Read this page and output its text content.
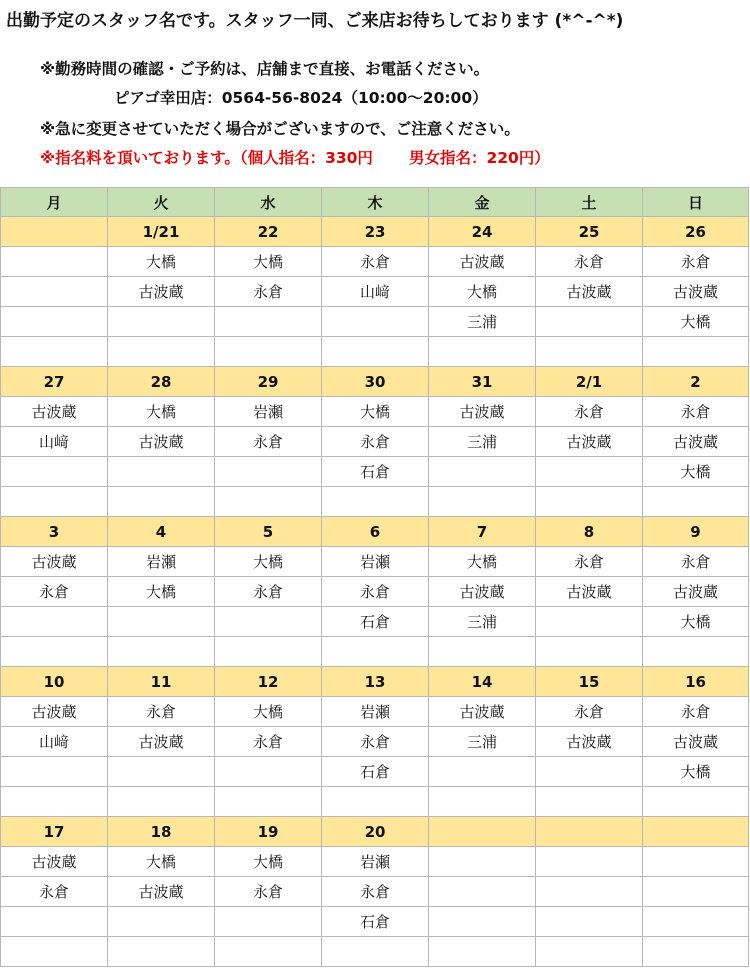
出勤予定のスタッフ名です。スタッフ一同、ご来店お待ちしております (*^-^*)
※勤務時間の確認・ご予約は、店舗まで直接、お電話ください。
ピアゴ幸田店：0564-56-8024（10:00〜20:00）
※急に変更させていただく場合がございますので、ご注意ください。
※指名料を頂いております。（個人指名：330円 男女指名：220円）
月	火	水	木	金	土	日
	1/21	22	23	24	25	26
	大橋	大橋	永倉	古波蔵	永倉	永倉
	古波蔵	永倉	山﨑	大橋	古波蔵	古波蔵
				三浦		大橋

27	28	29	30	31	2/1	2
古波蔵	大橋	岩瀬	大橋	古波蔵	永倉	永倉
山﨑	古波蔵	永倉	永倉	三浦	古波蔵	古波蔵
			石倉			大橋

3	4	5	6	7	8	9
古波蔵	岩瀬	大橋	岩瀬	大橋	永倉	永倉
永倉	大橋	永倉	永倉	古波蔵	古波蔵	古波蔵
			石倉	三浦		大橋

10	11	12	13	14	15	16
古波蔵	永倉	大橋	岩瀬	古波蔵	永倉	永倉
山﨑	古波蔵	永倉	永倉	三浦	古波蔵	古波蔵
			石倉			大橋

17	18	19	20			
古波蔵	大橋	大橋	岩瀬			
永倉	古波蔵	永倉	永倉			
			石倉			
